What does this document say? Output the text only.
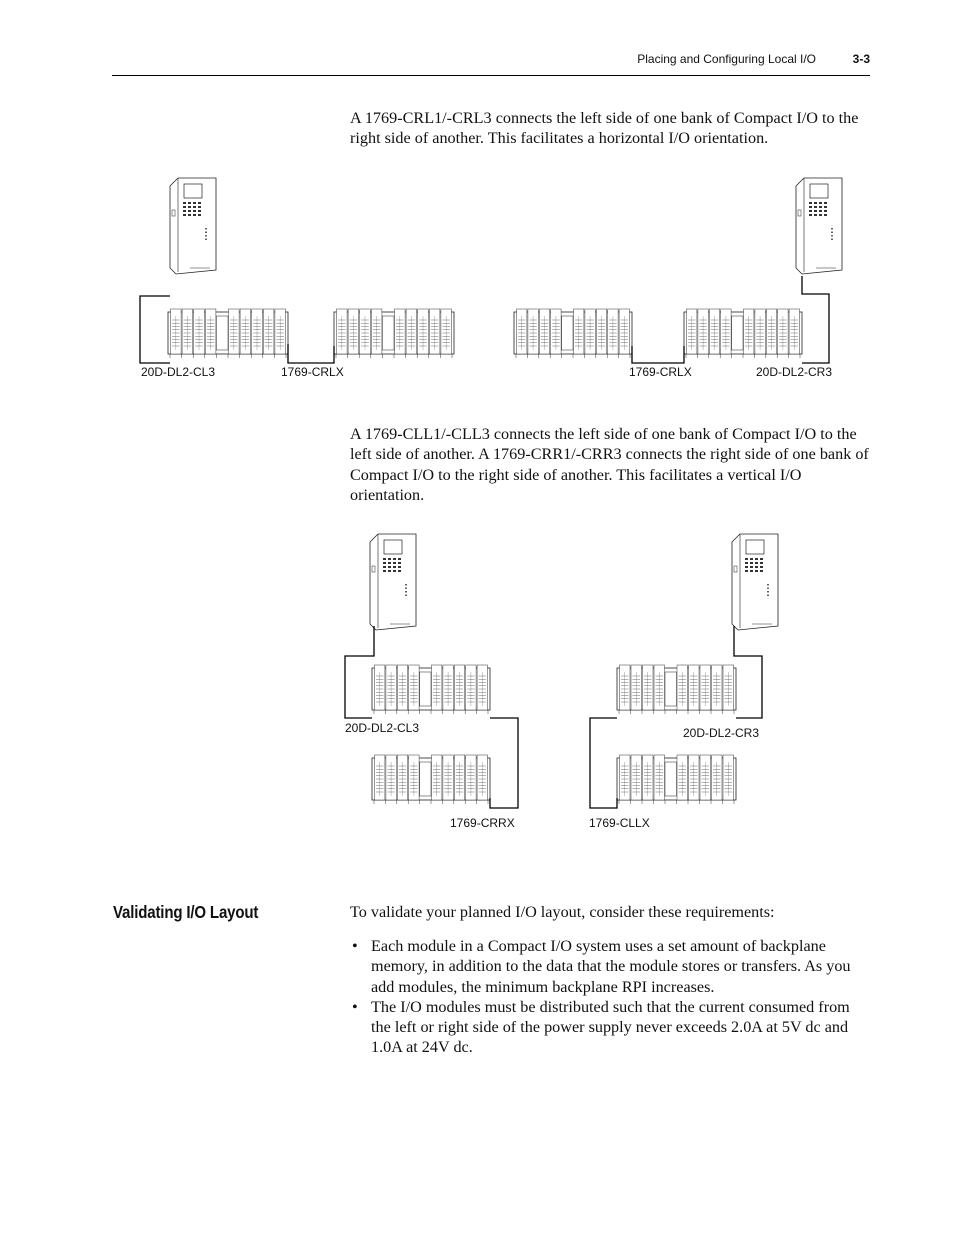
Placing and Configuring Local I/O	3-3

A 1769-CRL1/-CRL3 connects the left side of one bank of Compact I/O to the right side of another. This facilitates a horizontal I/O orientation.

20D-DL2-CL3	1769-CRLX	1769-CRLX	20D-DL2-CR3

A 1769-CLL1/-CLL3 connects the left side of one bank of Compact I/O to the left side of another. A 1769-CRR1/-CRR3 connects the right side of one bank of Compact I/O to the right side of another. This facilitates a vertical I/O orientation.

20D-DL2-CL3
1769-CRRX
20D-DL2-CR3
1769-CLLX
Validating I/O Layout	To validate your planned I/O layout, consider these requirements:

• Each module in a Compact I/O system uses a set amount of backplane memory, in addition to the data that the module stores or transfers. As you add modules, the minimum backplane RPI increases.
• The I/O modules must be distributed such that the current consumed from the left or right side of the power supply never exceeds 2.0A at 5V dc and 1.0A at 24V dc.
